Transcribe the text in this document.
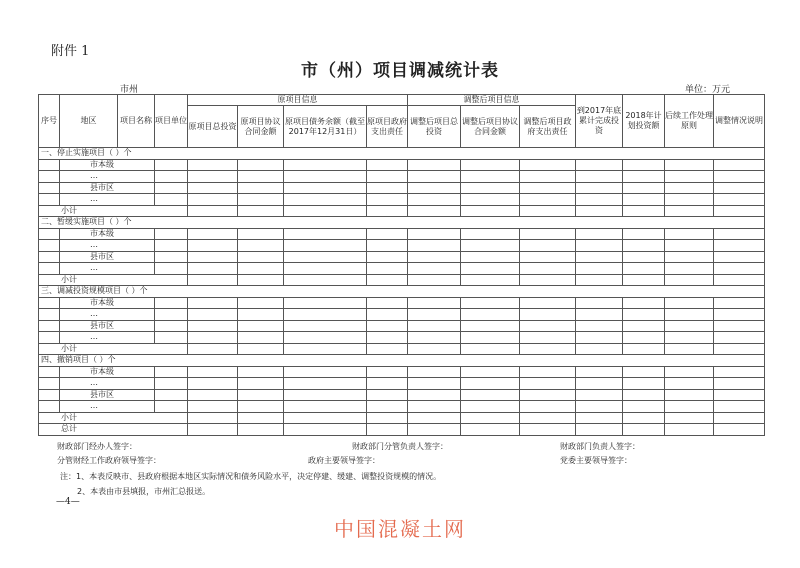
附件 1
市（州）项目调减统计表
市州	单位：万元
序号	地区	项目名称	项目单位	原项目信息				调整后项目信息			到2017年底累计完成投资	2018年计划投资额	后续工作处理原则	调整情况说明
				原项目总投资	原项目协议合同金额	原项目债务余额（截至2017年12月31日）	原项目政府支出责任	调整后项目总投资	调整后项目协议合同金额	调整后项目政府支出责任				
一、停止实施项目（ ）个														
	市本级													
	…													
	县市区													
	…													
小计														
二、暂缓实施项目（ ）个														
	市本级													
	…													
	县市区													
	…													
小计														
三、调减投资规模项目（ ）个														
	市本级													
	…													
	县市区													
	…													
小计														
四、撤销项目（ ）个														
	市本级													
	…													
	县市区													
	…													
小计														
总计														
财政部门经办人签字：	财政部门分管负责人签字：	财政部门负责人签字：
分管财经工作政府领导签字：	政府主要领导签字：	党委主要领导签字：
注：1、本表反映市、县政府根据本地区实际情况和债务风险水平，决定停建、缓建、调整投资规模的情况。
2、本表由市县填报，市州汇总报送。
—4—
中国混凝土网
